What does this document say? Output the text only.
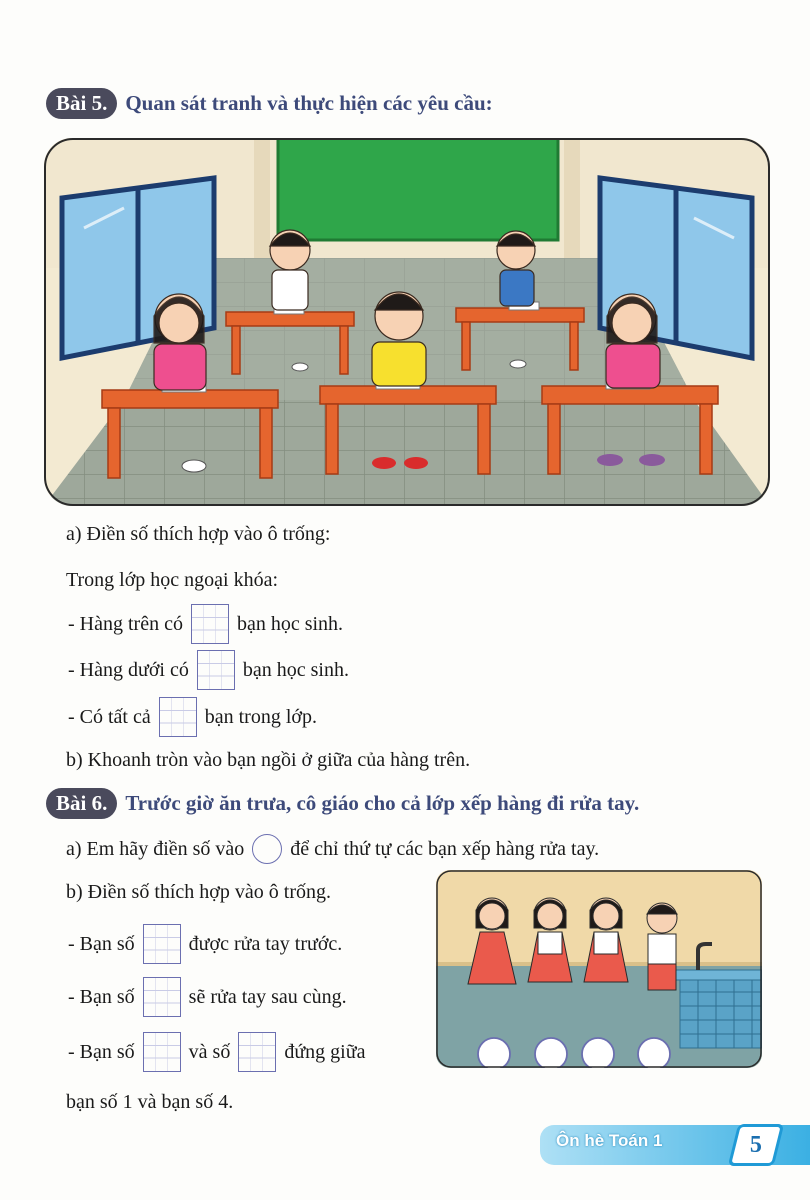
Bài 5. Quan sát tranh và thực hiện các yêu cầu:
a) Điền số thích hợp vào ô trống:
Trong lớp học ngoại khóa:
- Hàng trên có	bạn học sinh.
- Hàng dưới có	bạn học sinh.
- Có tất cả	bạn trong lớp.
b) Khoanh tròn vào bạn ngồi ở giữa của hàng trên.
Bài 6. Trước giờ ăn trưa, cô giáo cho cả lớp xếp hàng đi rửa tay.
a) Em hãy điền số vào để chỉ thứ tự các bạn xếp hàng rửa tay.
b) Điền số thích hợp vào ô trống.
- Bạn số	được rửa tay trước.
- Bạn số	sẽ rửa tay sau cùng.
- Bạn số	và số	đứng giữa
bạn số 1 và bạn số 4.
Ôn hè Toán 1	5
